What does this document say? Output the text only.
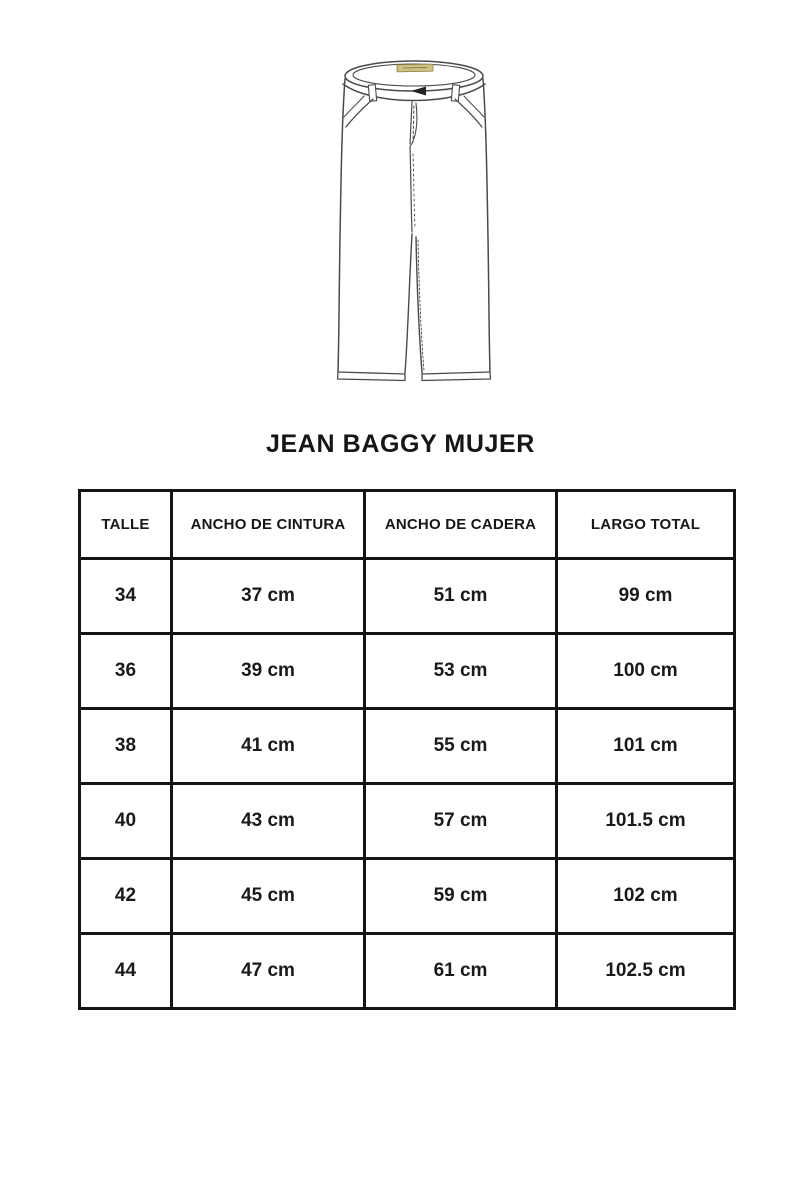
JEAN BAGGY MUJER
TALLE	ANCHO DE CINTURA	ANCHO DE CADERA	LARGO TOTAL
34	37 cm	51 cm	99 cm
36	39 cm	53 cm	100 cm
38	41 cm	55 cm	101 cm
40	43 cm	57 cm	101.5 cm
42	45 cm	59 cm	102 cm
44	47 cm	61 cm	102.5 cm
